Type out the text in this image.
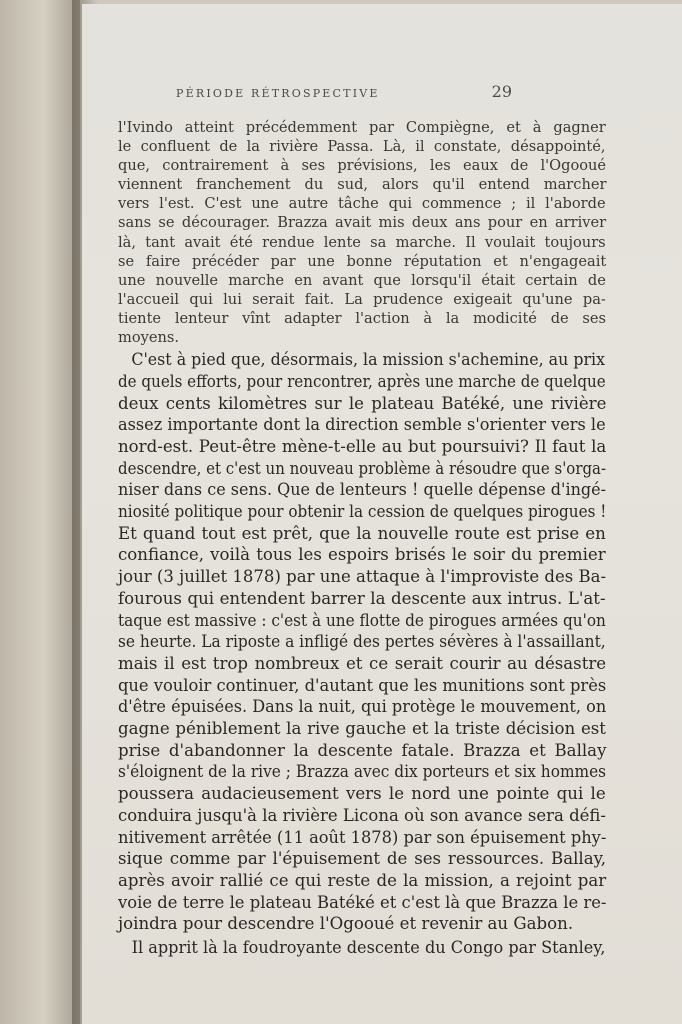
PÉRIODE RÉTROSPECTIVE	29
l'Ivindo atteint précédemment par Compiègne, et à gagner
le confluent de la rivière Passa. Là, il constate, désappointé,
que, contrairement à ses prévisions, les eaux de l'Ogooué
viennent franchement du sud, alors qu'il entend marcher
vers l'est. C'est une autre tâche qui commence ; il l'aborde
sans se décourager. Brazza avait mis deux ans pour en arriver
là, tant avait été rendue lente sa marche. Il voulait toujours
se faire précéder par une bonne réputation et n'engageait
une nouvelle marche en avant que lorsqu'il était certain de
l'accueil qui lui serait fait. La prudence exigeait qu'une pa-
tiente lenteur vînt adapter l'action à la modicité de ses
moyens.
C'est à pied que, désormais, la mission s'achemine, au prix
de quels efforts, pour rencontrer, après une marche de quelque
deux cents kilomètres sur le plateau Batéké, une rivière
assez importante dont la direction semble s'orienter vers le
nord-est. Peut-être mène-t-elle au but poursuivi? Il faut la
descendre, et c'est un nouveau problème à résoudre que s'orga-
niser dans ce sens. Que de lenteurs ! quelle dépense d'ingé-
niosité politique pour obtenir la cession de quelques pirogues !
Et quand tout est prêt, que la nouvelle route est prise en
confiance, voilà tous les espoirs brisés le soir du premier
jour (3 juillet 1878) par une attaque à l'improviste des Ba-
fourous qui entendent barrer la descente aux intrus. L'at-
taque est massive : c'est à une flotte de pirogues armées qu'on
se heurte. La riposte a infligé des pertes sévères à l'assaillant,
mais il est trop nombreux et ce serait courir au désastre
que vouloir continuer, d'autant que les munitions sont près
d'être épuisées. Dans la nuit, qui protège le mouvement, on
gagne péniblement la rive gauche et la triste décision est
prise d'abandonner la descente fatale. Brazza et Ballay
s'éloignent de la rive ; Brazza avec dix porteurs et six hommes
poussera audacieusement vers le nord une pointe qui le
conduira jusqu'à la rivière Licona où son avance sera défi-
nitivement arrêtée (11 août 1878) par son épuisement phy-
sique comme par l'épuisement de ses ressources. Ballay,
après avoir rallié ce qui reste de la mission, a rejoint par
voie de terre le plateau Batéké et c'est là que Brazza le re-
joindra pour descendre l'Ogooué et revenir au Gabon.
Il apprit là la foudroyante descente du Congo par Stanley,
